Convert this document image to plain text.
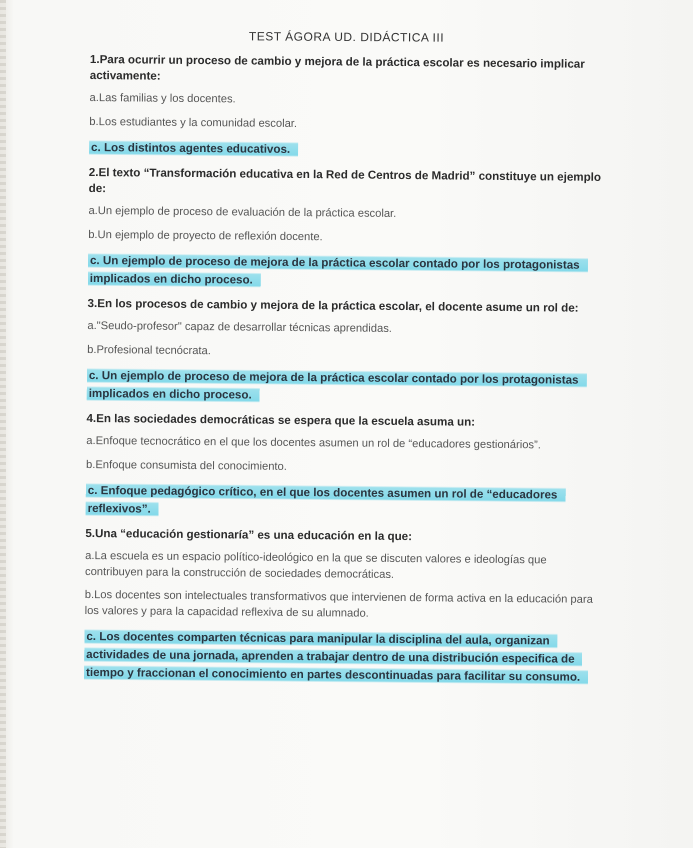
TEST ÁGORA UD. DIDÁCTICA III

1.Para ocurrir un proceso de cambio y mejora de la práctica escolar es necesario implicar activamente:

a.Las familias y los docentes.

b.Los estudiantes y la comunidad escolar.

c. Los distintos agentes educativos.

2.El texto “Transformación educativa en la Red de Centros de Madrid” constituye un ejemplo de:

a.Un ejemplo de proceso de evaluación de la práctica escolar.

b.Un ejemplo de proyecto de reflexión docente.

c. Un ejemplo de proceso de mejora de la práctica escolar contado por los protagonistas implicados en dicho proceso.

3.En los procesos de cambio y mejora de la práctica escolar, el docente asume un rol de:

a."Seudo-profesor" capaz de desarrollar técnicas aprendidas.

b.Profesional tecnócrata.

c. Un ejemplo de proceso de mejora de la práctica escolar contado por los protagonistas implicados en dicho proceso.

4.En las sociedades democráticas se espera que la escuela asuma un:

a.Enfoque tecnocrático en el que los docentes asumen un rol de “educadores gestionários”.

b.Enfoque consumista del conocimiento.

c. Enfoque pedagógico crítico, en el que los docentes asumen un rol de “educadores reflexivos”.

5.Una “educación gestionaría” es una educación en la que:

a.La escuela es un espacio político-ideológico en la que se discuten valores e ideologías que contribuyen para la construcción de sociedades democráticas.

b.Los docentes son intelectuales transformativos que intervienen de forma activa en la educación para los valores y para la capacidad reflexiva de su alumnado.

c. Los docentes comparten técnicas para manipular la disciplina del aula, organizan actividades de una jornada, aprenden a trabajar dentro de una distribución especifica de tiempo y fraccionan el conocimiento en partes descontinuadas para facilitar su consumo.
